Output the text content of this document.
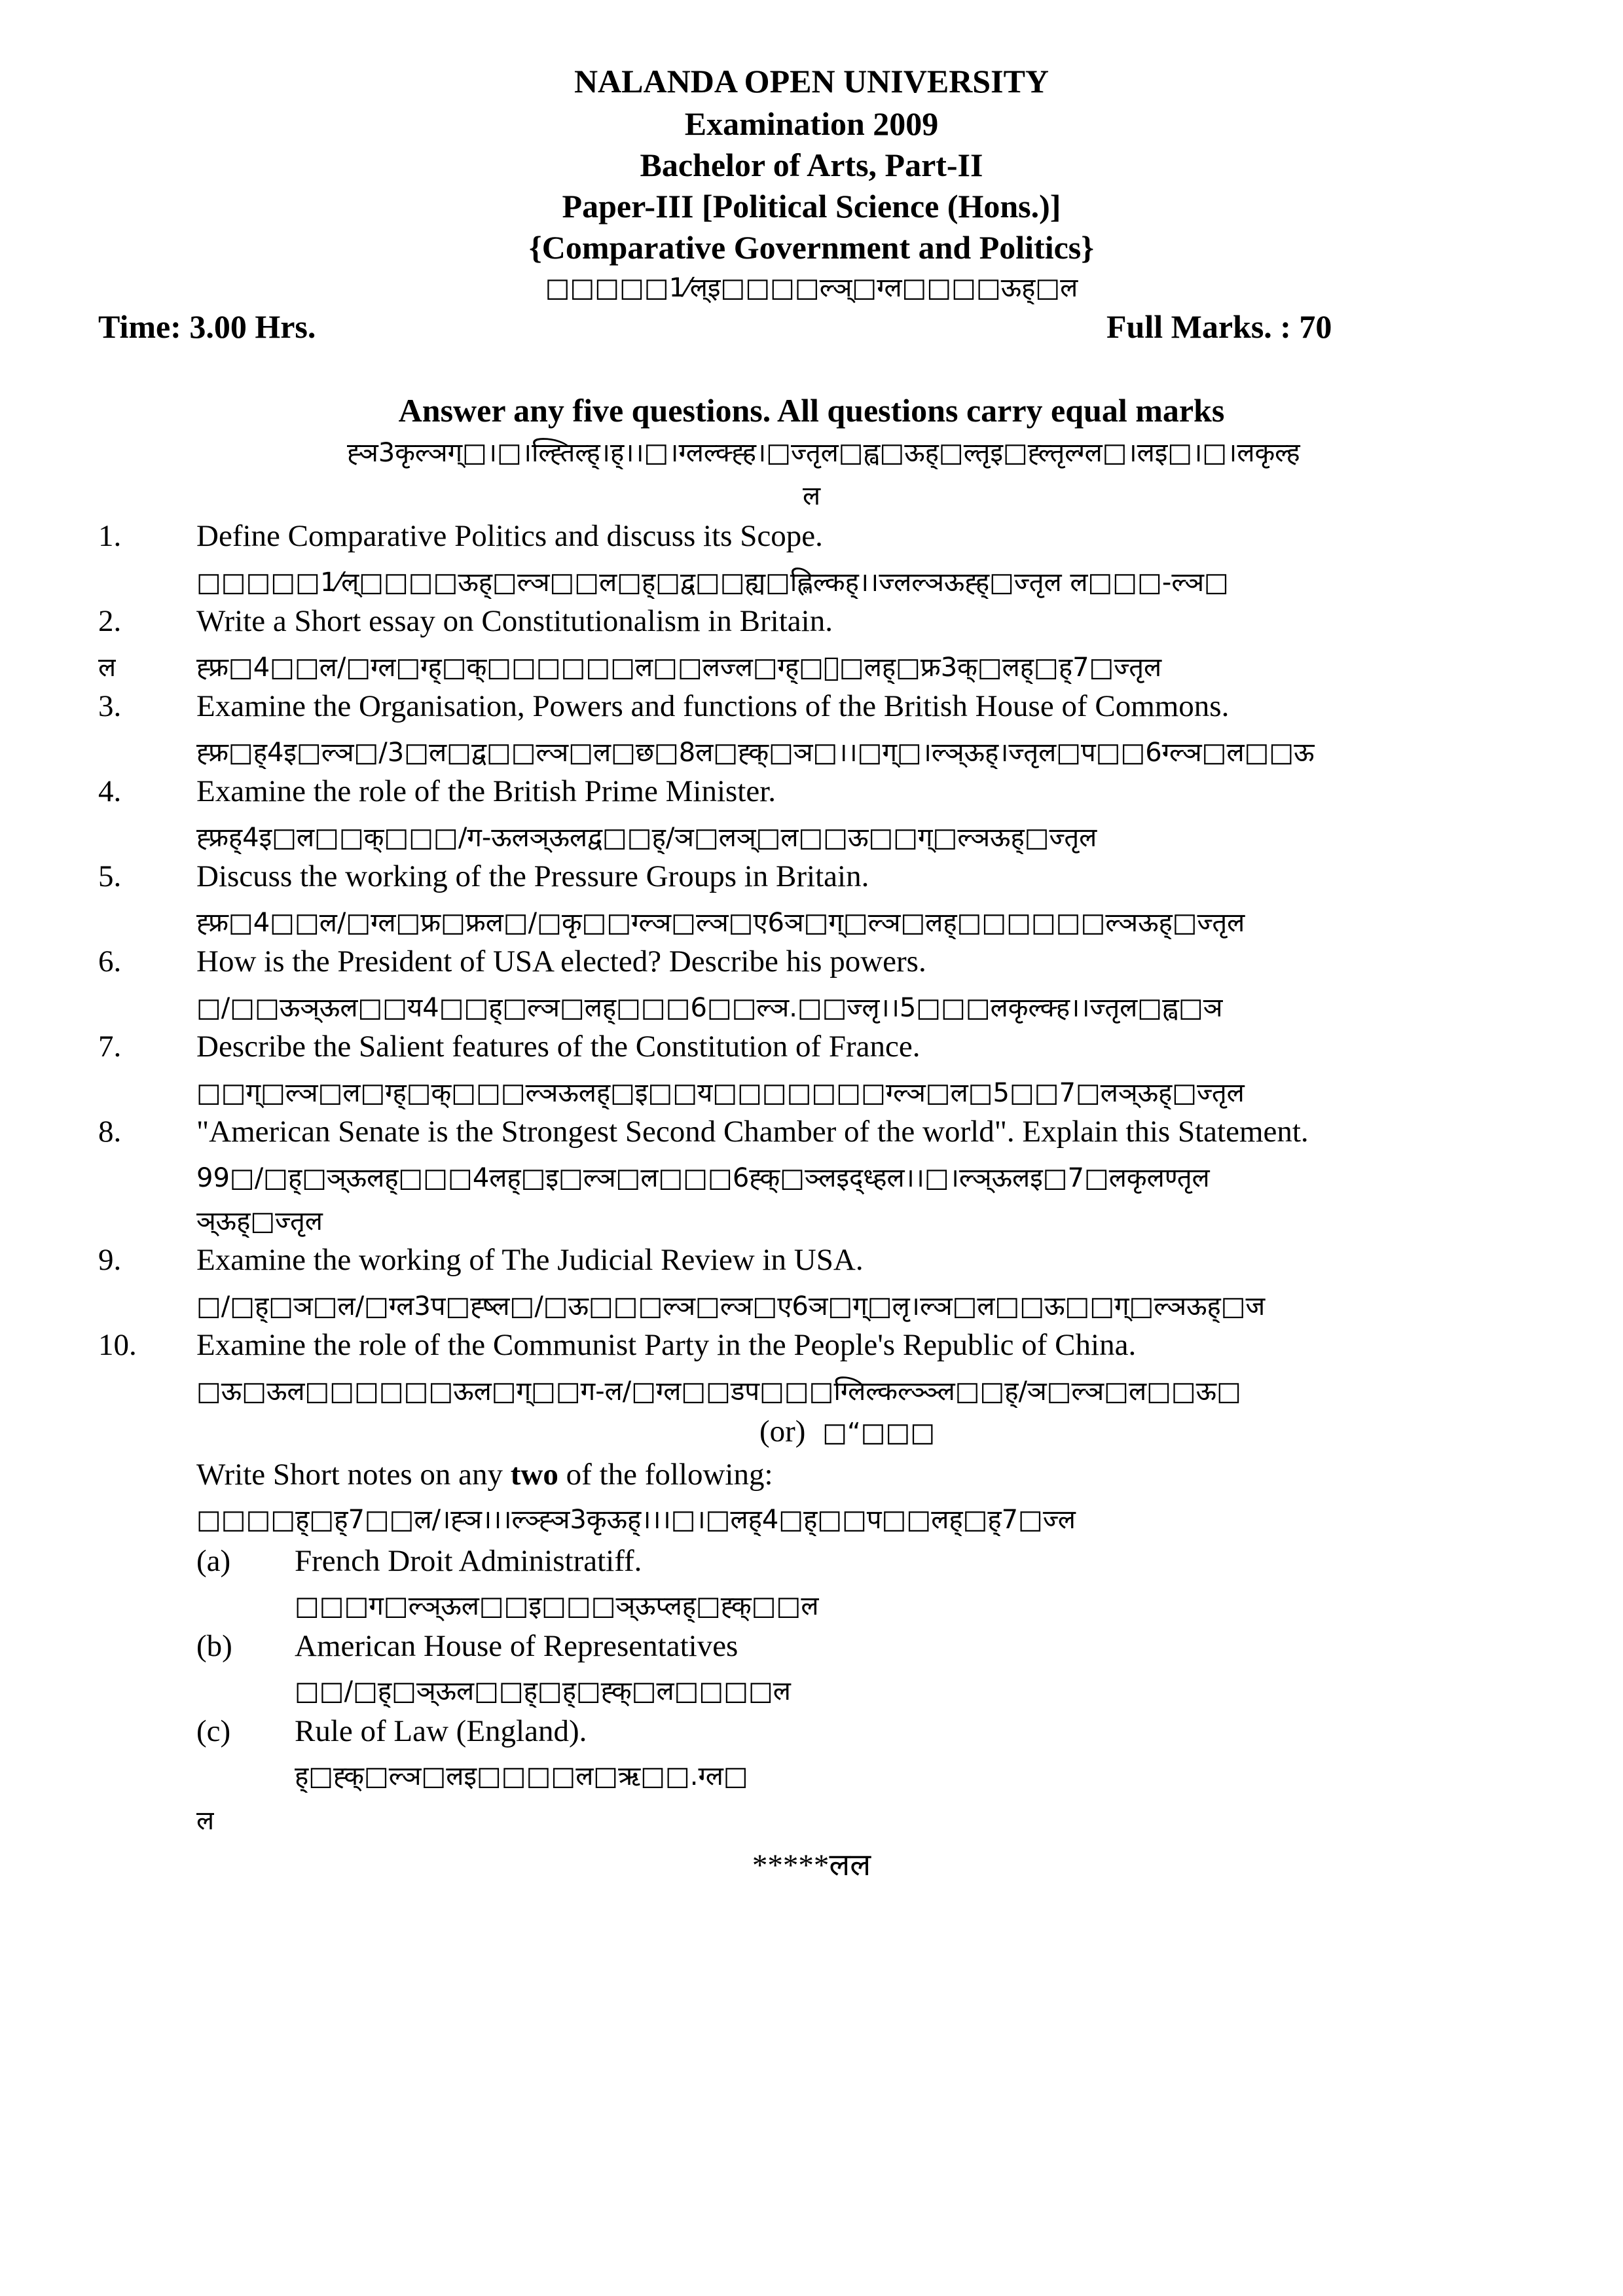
NALANDA OPEN UNIVERSITY
Examination 2009
Bachelor of Arts, Part-II
Paper-III [Political Science (Hons.)]
{Comparative Government and Politics}
□□□□□1⁄ल्इ□□□□ल्ञ्□ग्ल□□□□ऊह्□ल
Time: 3.00 Hrs.	Full Marks. : 70
Answer any five questions. All questions carry equal marks
ह्ञ3कृल्ञग्□।□।ल्ह्तिल्ह्।ह्।।□।ग्लल्क्ह्ह।□ज्तृल□ह्व□ऊह्□ल्तृइ□ह्ल्तृल्ग्ल□।लइ□।□।लकृल्ह
ल
1. Define Comparative Politics and discuss its Scope.
□□□□□1⁄ल्□□□□ऊह्□ल्ञ□□ल□ह्□द्व□□ह्य□ह्लिल्कह्।।ज्लल्ञऊह्ह्□ज्तृल ल□□□-ल्ञ□
2. Write a Short essay on Constitutionalism in Britain.
ल	ह्फ्र□4□□ल/□ग्ल□ग्ह्□क्□□□□□□ल□□लज्ल□ग्ह्□ॅ□लह्□फ्र3क्□लह्□ह्7□ज्तृल
3. Examine the Organisation, Powers and functions of the British House of Commons.
ह्फ्र□ह्4इ□ल्ञ□/3□ल□द्व□□ल्ञ□ल□छ□8ल□ह्क्□ञ□।।□ग्□।ल्ञ्ऊह्।ज्तृल□प□□6ग्ल्ञ□ल□□ऊ
4. Examine the role of the British Prime Minister.
ह्फ्रह्4इ□ल□□क्□□□/ग-ऊलञ्ऊलद्व□□ह्/ञ□लञ्□ल□□ऊ□□ग्□ल्ञऊह्□ज्तृल
5. Discuss the working of the Pressure Groups in Britain.
ह्फ्र□4□□ल/□ग्ल□फ्र□फ्रल□/□कृ□□ग्ल्ञ□ल्ञ□ए6ञ□ग्□ल्ञ□लह्□□□□□□ल्ञऊह्□ज्तृल
6. How is the President of USA elected? Describe his powers.
□/□□ऊञ्ऊल□□य4□□ह्□ल्ञ□लह्□□□6□□ल्ञ.□□ज्लृ।।5□□□लकृल्क्ह।।ज्तृल□ह्व□ञ
7. Describe the Salient features of the Constitution of France.
□□ग्□ल्ञ□ल□ग्ह्□क्□□□ल्ञऊलह्□इ□□य□□□□□□□ग्ल्ञ□ल□5□□7□लञ्ऊह्□ज्तृल
8. "American Senate is the Strongest Second Chamber of the world". Explain this Statement.
99□/□ह्□ञ्ऊलह्□□□4लह्□इ□ल्ञ□ल□□□6ह्क्□ञ्लइद्ध्हल।।□।ल्ञ्ऊलइ□7□लकृलण्तृल
ञ्ऊह्□ज्तृल
9. Examine the working of The Judicial Review in USA.
□/□ह्□ञ□ल/□ग्ल3प□ह्ष्ल□/□ऊ□□□ल्ञ□ल्ञ□ए6ञ□ग्□लृ।ल्ञ□ल□□ऊ□□ग्□ल्ञऊह्□ज
10. Examine the role of the Communist Party in the People's Republic of China.
□ऊ□ऊल□□□□□□ऊल□ग्□□ग-ल/□ग्ल□□डप□□□ग्लिल्कल्ञ्ञ्ल□□ह्/ञ□ल्ञ□ल□□ऊ□
(or) □“□□□
Write Short notes on any two of the following:
□□□□ह्□ह्7□□ल/।ह्ञ।।।ल्ञ्ह्ञ3कृऊह्।।।□।□लह्4□ह्□□प□□लह्□ह्7□ज्ल
(a) French Droit Administratiff.
□□□ग□ल्ञ्ऊल□□इ□□□ञ्ऊप्लह्□ह्क्□□ल
(b) American House of Representatives
□□/□ह्□ञ्ऊल□□ह्□ह्□ह्क्□ल□□□□ल
(c) Rule of Law (England).
ह्□ह्क्□ल्ञ□लइ□□□□ल□ऋ□□.ग्ल□
ल
*****लल
